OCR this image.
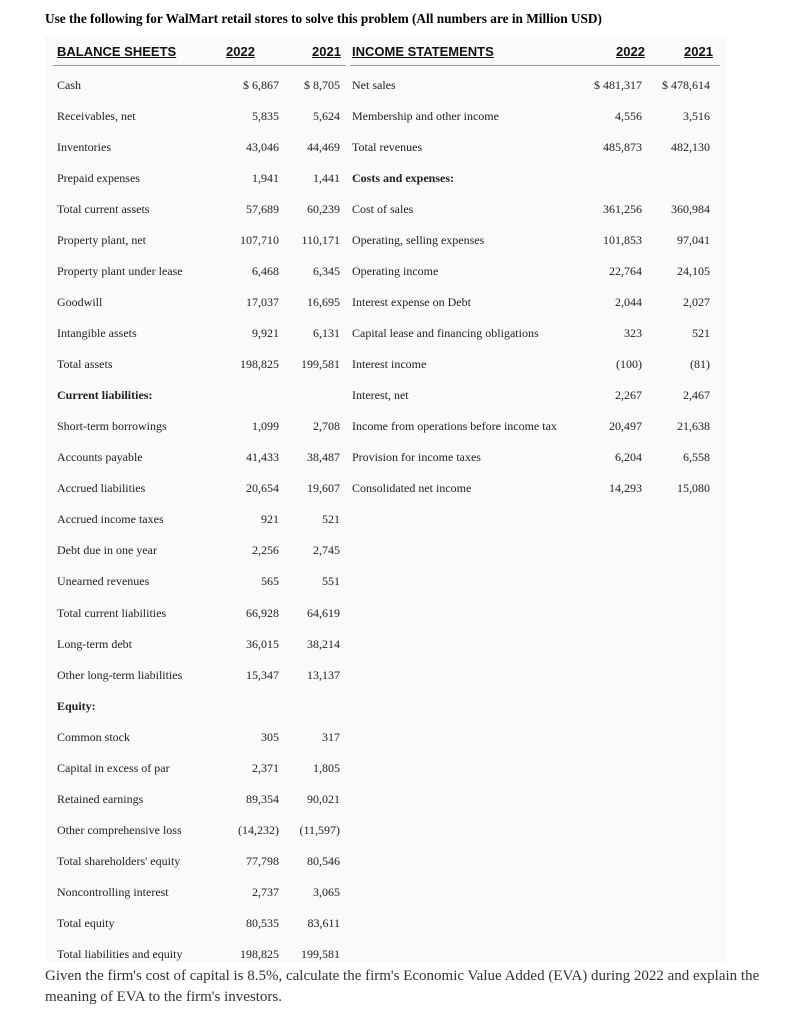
Use the following for WalMart retail stores to solve this problem (All numbers are in Million USD)
BALANCE SHEETS	2022	2021 INCOME STATEMENTS	2022	2021
Cash	$ 6,867 $ 8,705
Receivables, net	5,835	5,624
Inventories	43,046 44,469
Prepaid expenses	1,941	1,441
Total current assets	57,689 60,239
Property plant, net	107,710 110,171
Property plant under lease	6,468	6,345
Goodwill	17,037 16,695
Intangible assets	9,921	6,131
Total assets	198,825 199,581
Current liabilities:
Short-term borrowings	1,099	2,708
Accounts payable	41,433 38,487
Accrued liabilities	20,654 19,607
Accrued income taxes	921	521
Debt due in one year	2,256	2,745
Unearned revenues	565	551
Total current liabilities	66,928 64,619
Long-term debt	36,015 38,214
Other long-term liabilities	15,347 13,137
Equity:
Common stock	305	317
Capital in excess of par	2,371	1,805
Retained earnings	89,354 90,021
Other comprehensive loss	(14,232) (11,597)
Total shareholders' equity	77,798 80,546
Noncontrolling interest	2,737	3,065
Total equity	80,535 83,611
Total liabilities and equity	198,825 199,581
Net sales	$ 481,317 $ 478,614
Membership and other income	4,556	3,516
Total revenues	485,873 482,130
Costs and expenses:
Cost of sales	361,256 360,984
Operating, selling expenses	101,853	97,041
Operating income	22,764	24,105
Interest expense on Debt	2,044	2,027
Capital lease and financing obligations	323	521
Interest income	(100)	(81)
Interest, net	2,267	2,467
Income from operations before income tax	20,497	21,638
Provision for income taxes	6,204	6,558
Consolidated net income	14,293	15,080
Given the firm's cost of capital is 8.5%, calculate the firm's Economic Value Added (EVA) during 2022 and explain the meaning of EVA to the firm's investors.
